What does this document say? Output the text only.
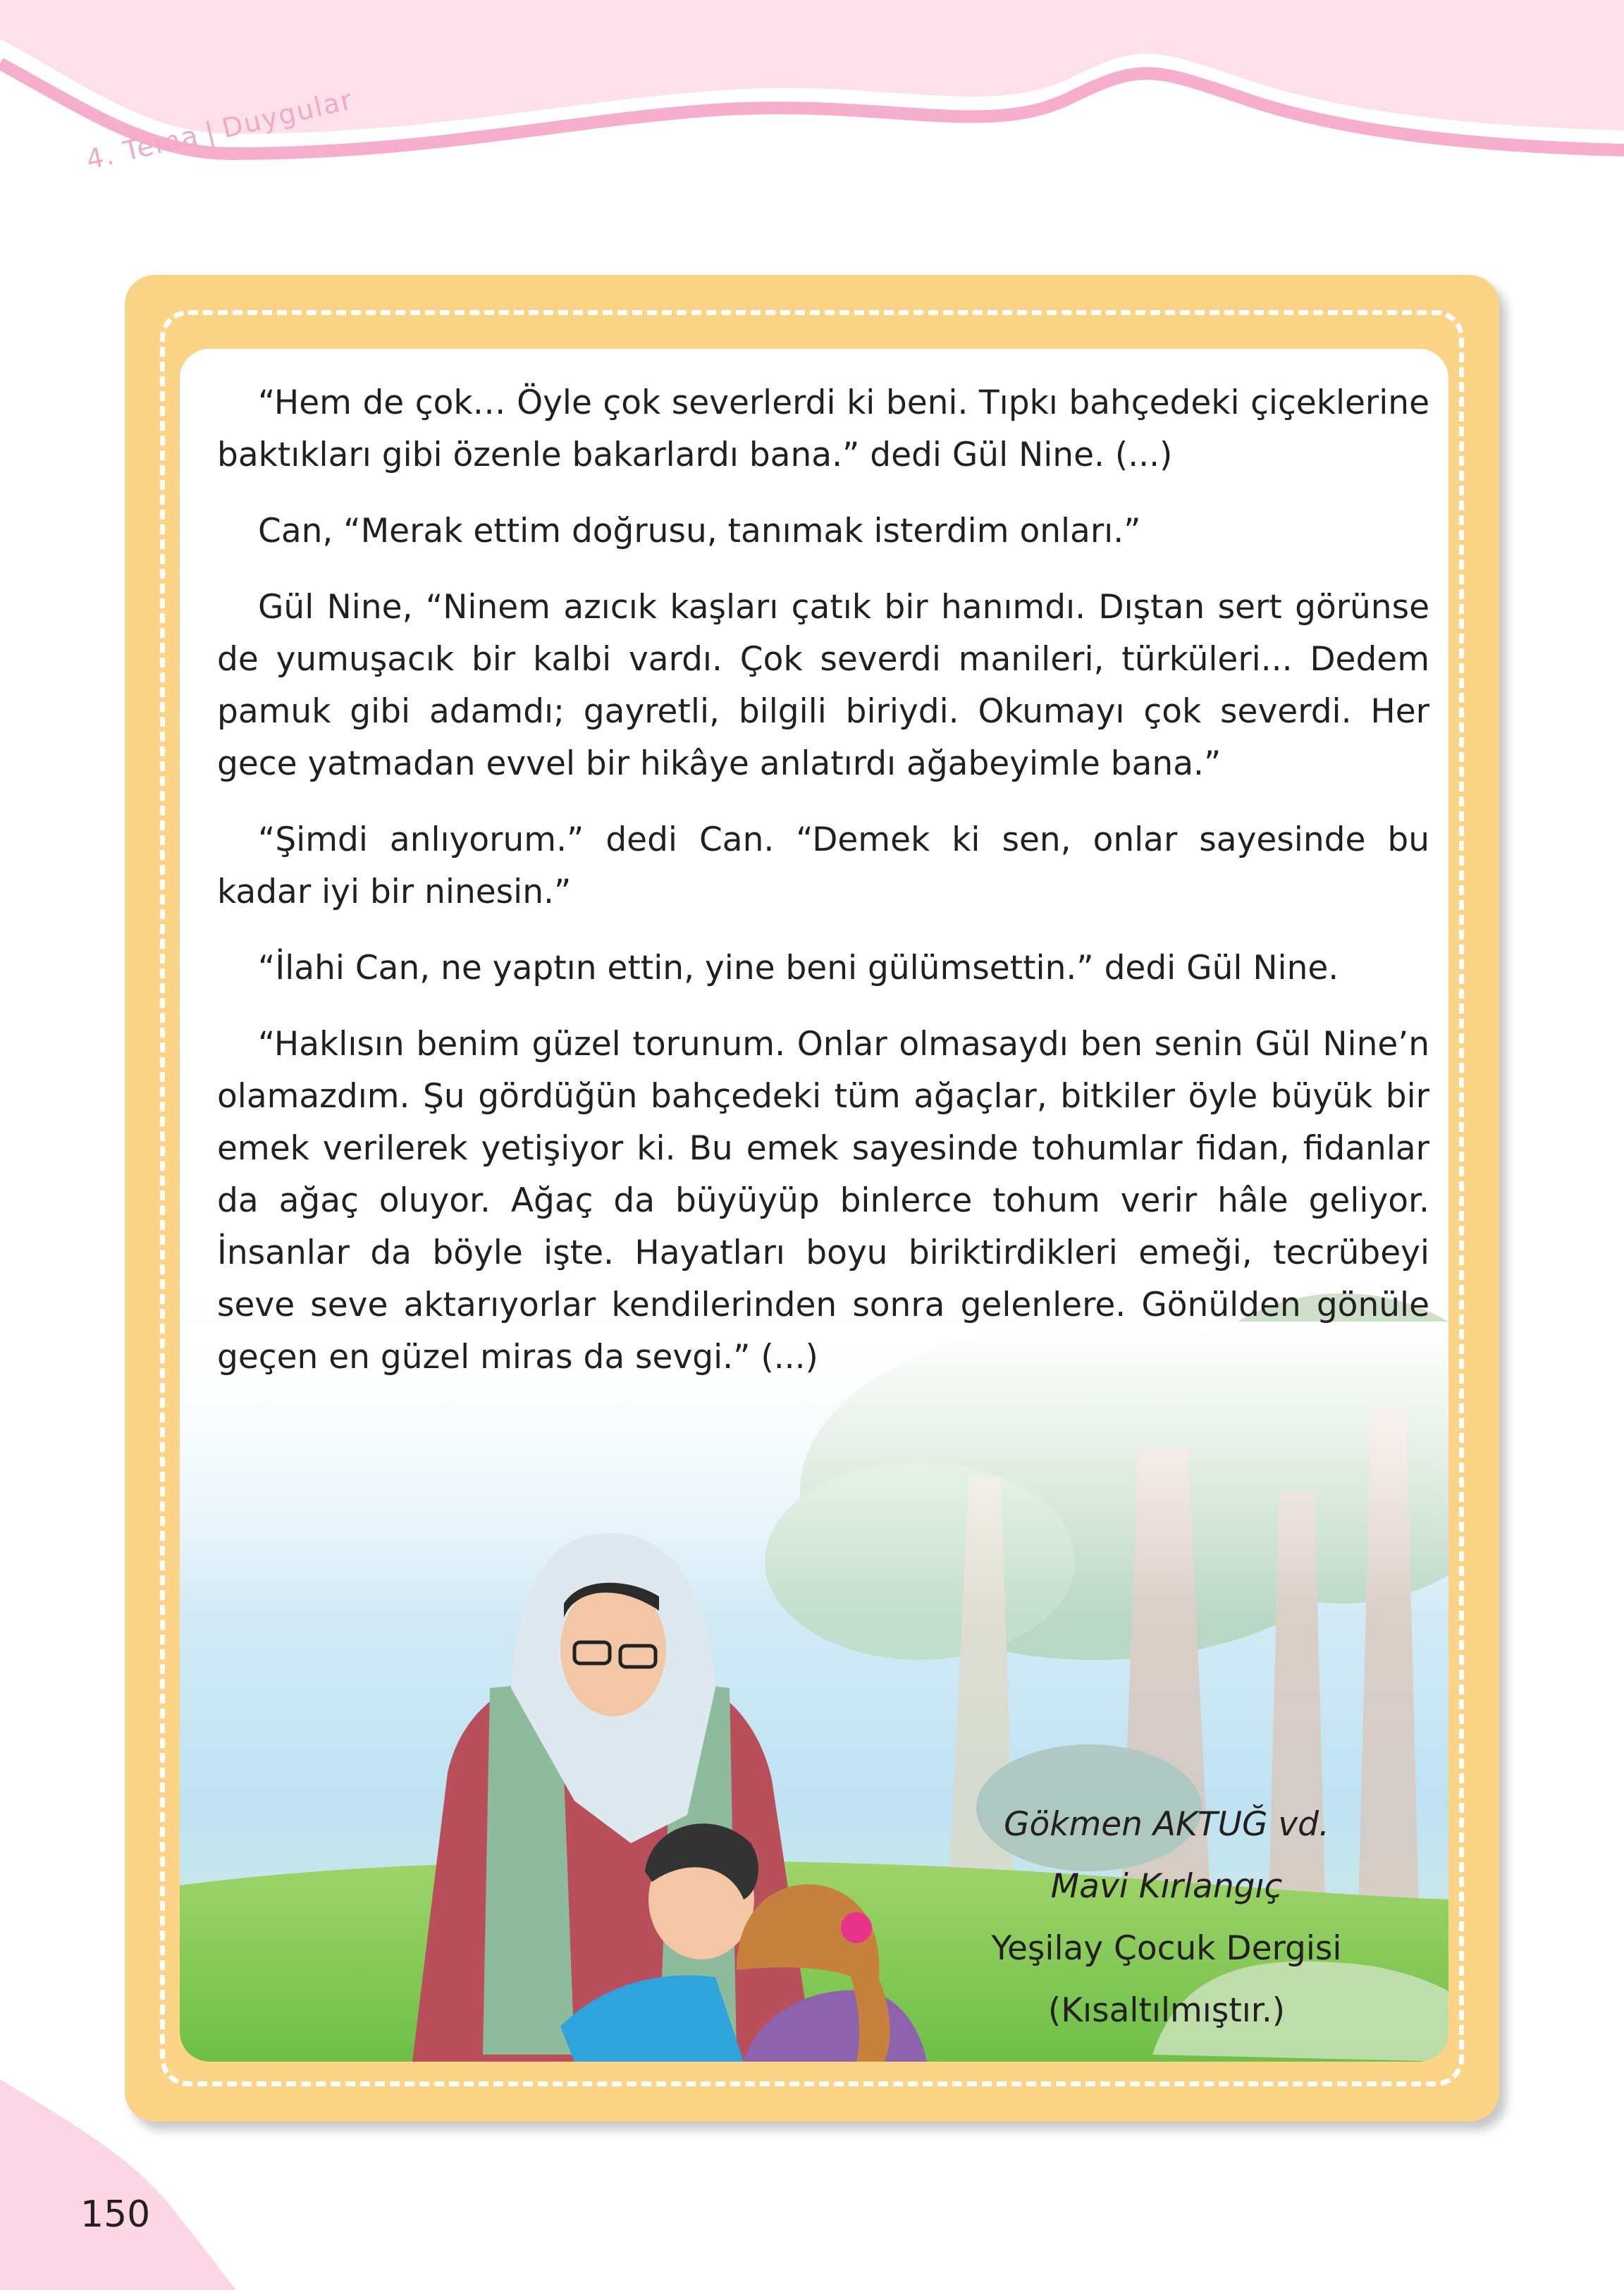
4. Tema|Duygular

“Hem de çok… Öyle çok severlerdi ki beni. Tıpkı bahçedeki çiçeklerine baktıkları gibi özenle bakarlardı bana.” dedi Gül Nine. (...)

Can, “Merak ettim doğrusu, tanımak isterdim onları.”

Gül Nine, “Ninem azıcık kaşları çatık bir hanımdı. Dıştan sert görünse de yumuşacık bir kalbi vardı. Çok severdi manileri, türküleri... Dedem pamuk gibi adamdı; gayretli, bilgili biriydi. Okumayı çok severdi. Her gece yatmadan evvel bir hikâye anlatırdı ağabeyimle bana.”

“Şimdi anlıyorum.” dedi Can. “Demek ki sen, onlar sayesinde bu kadar iyi bir ninesin.”

“İlahi Can, ne yaptın ettin, yine beni gülümsettin.” dedi Gül Nine.

“Haklısın benim güzel torunum. Onlar olmasaydı ben senin Gül Nine’n olamazdım. Şu gördüğün bahçedeki tüm ağaçlar, bitkiler öyle büyük bir emek verilerek yetişiyor ki. Bu emek sayesinde tohumlar fidan, fidanlar da ağaç oluyor. Ağaç da büyüyüp binlerce tohum verir hâle geliyor. İnsanlar da böyle işte. Hayatları boyu biriktirdikleri emeği, tecrübeyi seve seve aktarıyorlar kendilerinden sonra gelenlere. Gönülden gönüle geçen en güzel miras da sevgi.” (...)

Gökmen AKTUĞ vd.
Mavi Kırlangıç
Yeşilay Çocuk Dergisi
(Kısaltılmıştır.)
150
